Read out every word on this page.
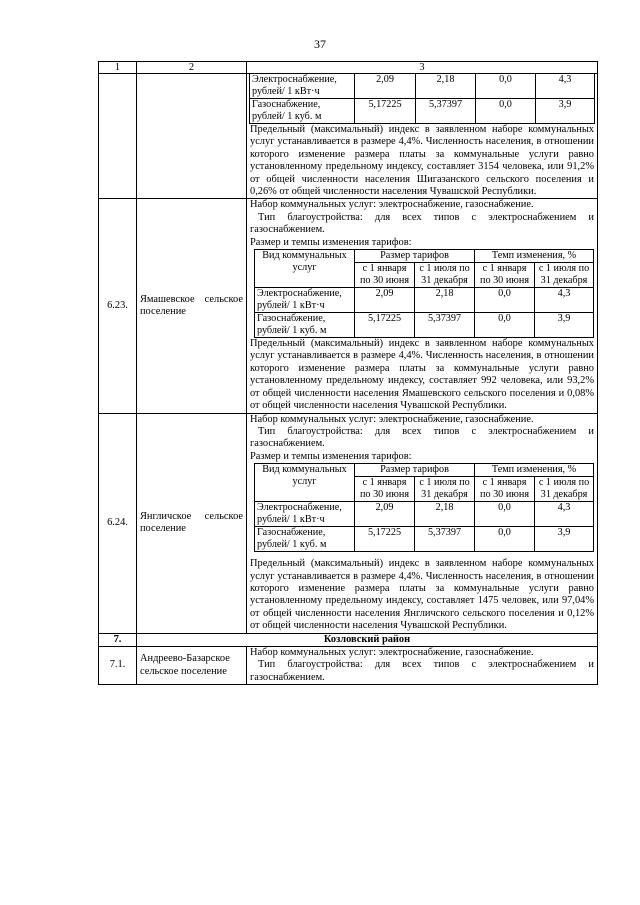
37
1	2	3

Электроснабжение,
рублей/ 1 кВт·ч	2,09	2,18	0,0	4,3
Газоснабжение,
рублей/ 1 куб. м	5,17225	5,37397	0,0	3,9

Предельный (максимальный) индекс в заявленном наборе коммунальных услуг устанавливается в размере 4,4%. Численность населения, в отношении которого изменение размера платы за коммунальные услуги равно установленному предельному индексу, составляет 3154 человека, или 91,2% от общей численности населения Шигазанского сельского поселения и 0,26% от общей численности населения Чувашской Республики.

6.23.	Ямашевское сельское поселение	

Набор коммунальных услуг: электроснабжение, газоснабжение.

Тип благоустройства: для всех типов с электроснабжением и газоснабжением.

Размер и темпы изменения тарифов:

Вид коммунальных услуг	Размер тарифов	Темп изменения, %
с 1 января по 30 июня	с 1 июля по 31 декабря	с 1 января по 30 июня	с 1 июля по 31 декабря
Электроснабжение,
рублей/ 1 кВт·ч	2,09	2,18	0,0	4,3
Газоснабжение,
рублей/ 1 куб. м	5,17225	5,37397	0,0	3,9

Предельный (максимальный) индекс в заявленном наборе коммунальных услуг устанавливается в размере 4,4%. Численность населения, в отношении которого изменение размера платы за коммунальные услуги равно установленному предельному индексу, составляет 992 человека, или 93,2% от общей численности населения Ямашевского сельского поселения и 0,08% от общей численности населения Чувашской Республики.

6.24.	Янгличское сельское поселение	

Набор коммунальных услуг: электроснабжение, газоснабжение.

Тип благоустройства: для всех типов с электроснабжением и газоснабжением.

Размер и темпы изменения тарифов:

Вид коммунальных услуг	Размер тарифов	Темп изменения, %
с 1 января по 30 июня	с 1 июля по 31 декабря	с 1 января по 30 июня	с 1 июля по 31 декабря
Электроснабжение,
рублей/ 1 кВт·ч	2,09	2,18	0,0	4,3
Газоснабжение,
рублей/ 1 куб. м	5,17225	5,37397	0,0	3,9

Предельный (максимальный) индекс в заявленном наборе коммунальных услуг устанавливается в размере 4,4%. Численность населения, в отношении которого изменение размера платы за коммунальные услуги равно установленному предельному индексу, составляет 1475 человек, или 97,04% от общей численности населения Янгличского сельского поселения и 0,12% от общей численности населения Чувашской Республики.

7.	Козловский район
7.1.	Андреево-Базарское сельское поселение	

Набор коммунальных услуг: электроснабжение, газоснабжение.

Тип благоустройства: для всех типов с электроснабжением и газоснабжением.
